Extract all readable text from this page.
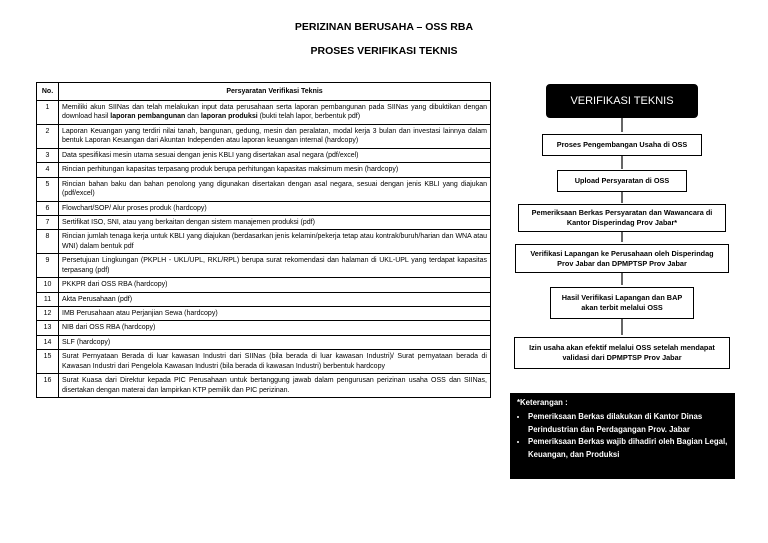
PERIZINAN BERUSAHA – OSS RBA
PROSES VERIFIKASI TEKNIS
No.	Persyaratan Verifikasi Teknis
1	Memiliki akun SIINas dan telah melakukan input data perusahaan serta laporan pembangunan pada SIINas yang dibuktikan dengan download hasil laporan pembangunan dan laporan produksi (bukti telah lapor, berbentuk pdf)
2	Laporan Keuangan yang terdiri nilai tanah, bangunan, gedung, mesin dan peralatan, modal kerja 3 bulan dan investasi lainnya dalam bentuk Laporan Keuangan dari Akuntan Independen atau laporan keuangan internal (hardcopy)
3	Data spesifikasi mesin utama sesuai dengan jenis KBLI yang disertakan asal negara (pdf/excel)
4	Rincian perhitungan kapasitas terpasang produk berupa perhitungan kapasitas maksimum mesin (hardcopy)
5	Rincian bahan baku dan bahan penolong yang digunakan disertakan dengan asal negara, sesuai dengan jenis KBLI yang diajukan (pdf/excel)
6	Flowchart/SOP/ Alur proses produk (hardcopy)
7	Sertifikat ISO, SNI, atau yang berkaitan dengan sistem manajemen produksi (pdf)
8	Rincian jumlah tenaga kerja untuk KBLI yang diajukan (berdasarkan jenis kelamin/pekerja tetap atau kontrak/buruh/harian dan WNA atau WNI) dalam bentuk pdf
9	Persetujuan Lingkungan (PKPLH - UKL/UPL, RKL/RPL) berupa surat rekomendasi dan halaman di UKL-UPL yang terdapat kapasitas terpasang (pdf)
10	PKKPR dari OSS RBA (hardcopy)
11	Akta Perusahaan (pdf)
12	IMB Perusahaan atau Perjanjian Sewa (hardcopy)
13	NIB dari OSS RBA (hardcopy)
14	SLF (hardcopy)
15	Surat Pernyataan Berada di luar kawasan Industri dari SIINas (bila berada di luar kawasan Industri)/ Surat pernyataan berada di Kawasan Industri dari Pengelola Kawasan Industri (bila berada di kawasan Industri) berbentuk hardcopy
16	Surat Kuasa dari Direktur kepada PIC Perusahaan untuk bertanggung jawab dalam pengurusan perizinan usaha OSS dan SIINas, disertakan dengan materai dan lampirkan KTP pemilik dan PIC perizinan.
VERIFIKASI TEKNIS
Proses Pengembangan Usaha di OSS
Upload Persyaratan di OSS
Pemeriksaan Berkas Persyaratan dan Wawancara di Kantor Disperindag Prov Jabar*
Verifikasi Lapangan ke Perusahaan oleh Disperindag Prov Jabar dan DPMPTSP Prov Jabar
Hasil Verifikasi Lapangan dan BAP akan terbit melalui OSS
Izin usaha akan efektif melalui OSS setelah mendapat validasi dari DPMPTSP Prov Jabar
*Keterangan :
• Pemeriksaan Berkas dilakukan di Kantor Dinas Perindustrian dan Perdagangan Prov. Jabar
• Pemeriksaan Berkas wajib dihadiri oleh Bagian Legal, Keuangan, dan Produksi
